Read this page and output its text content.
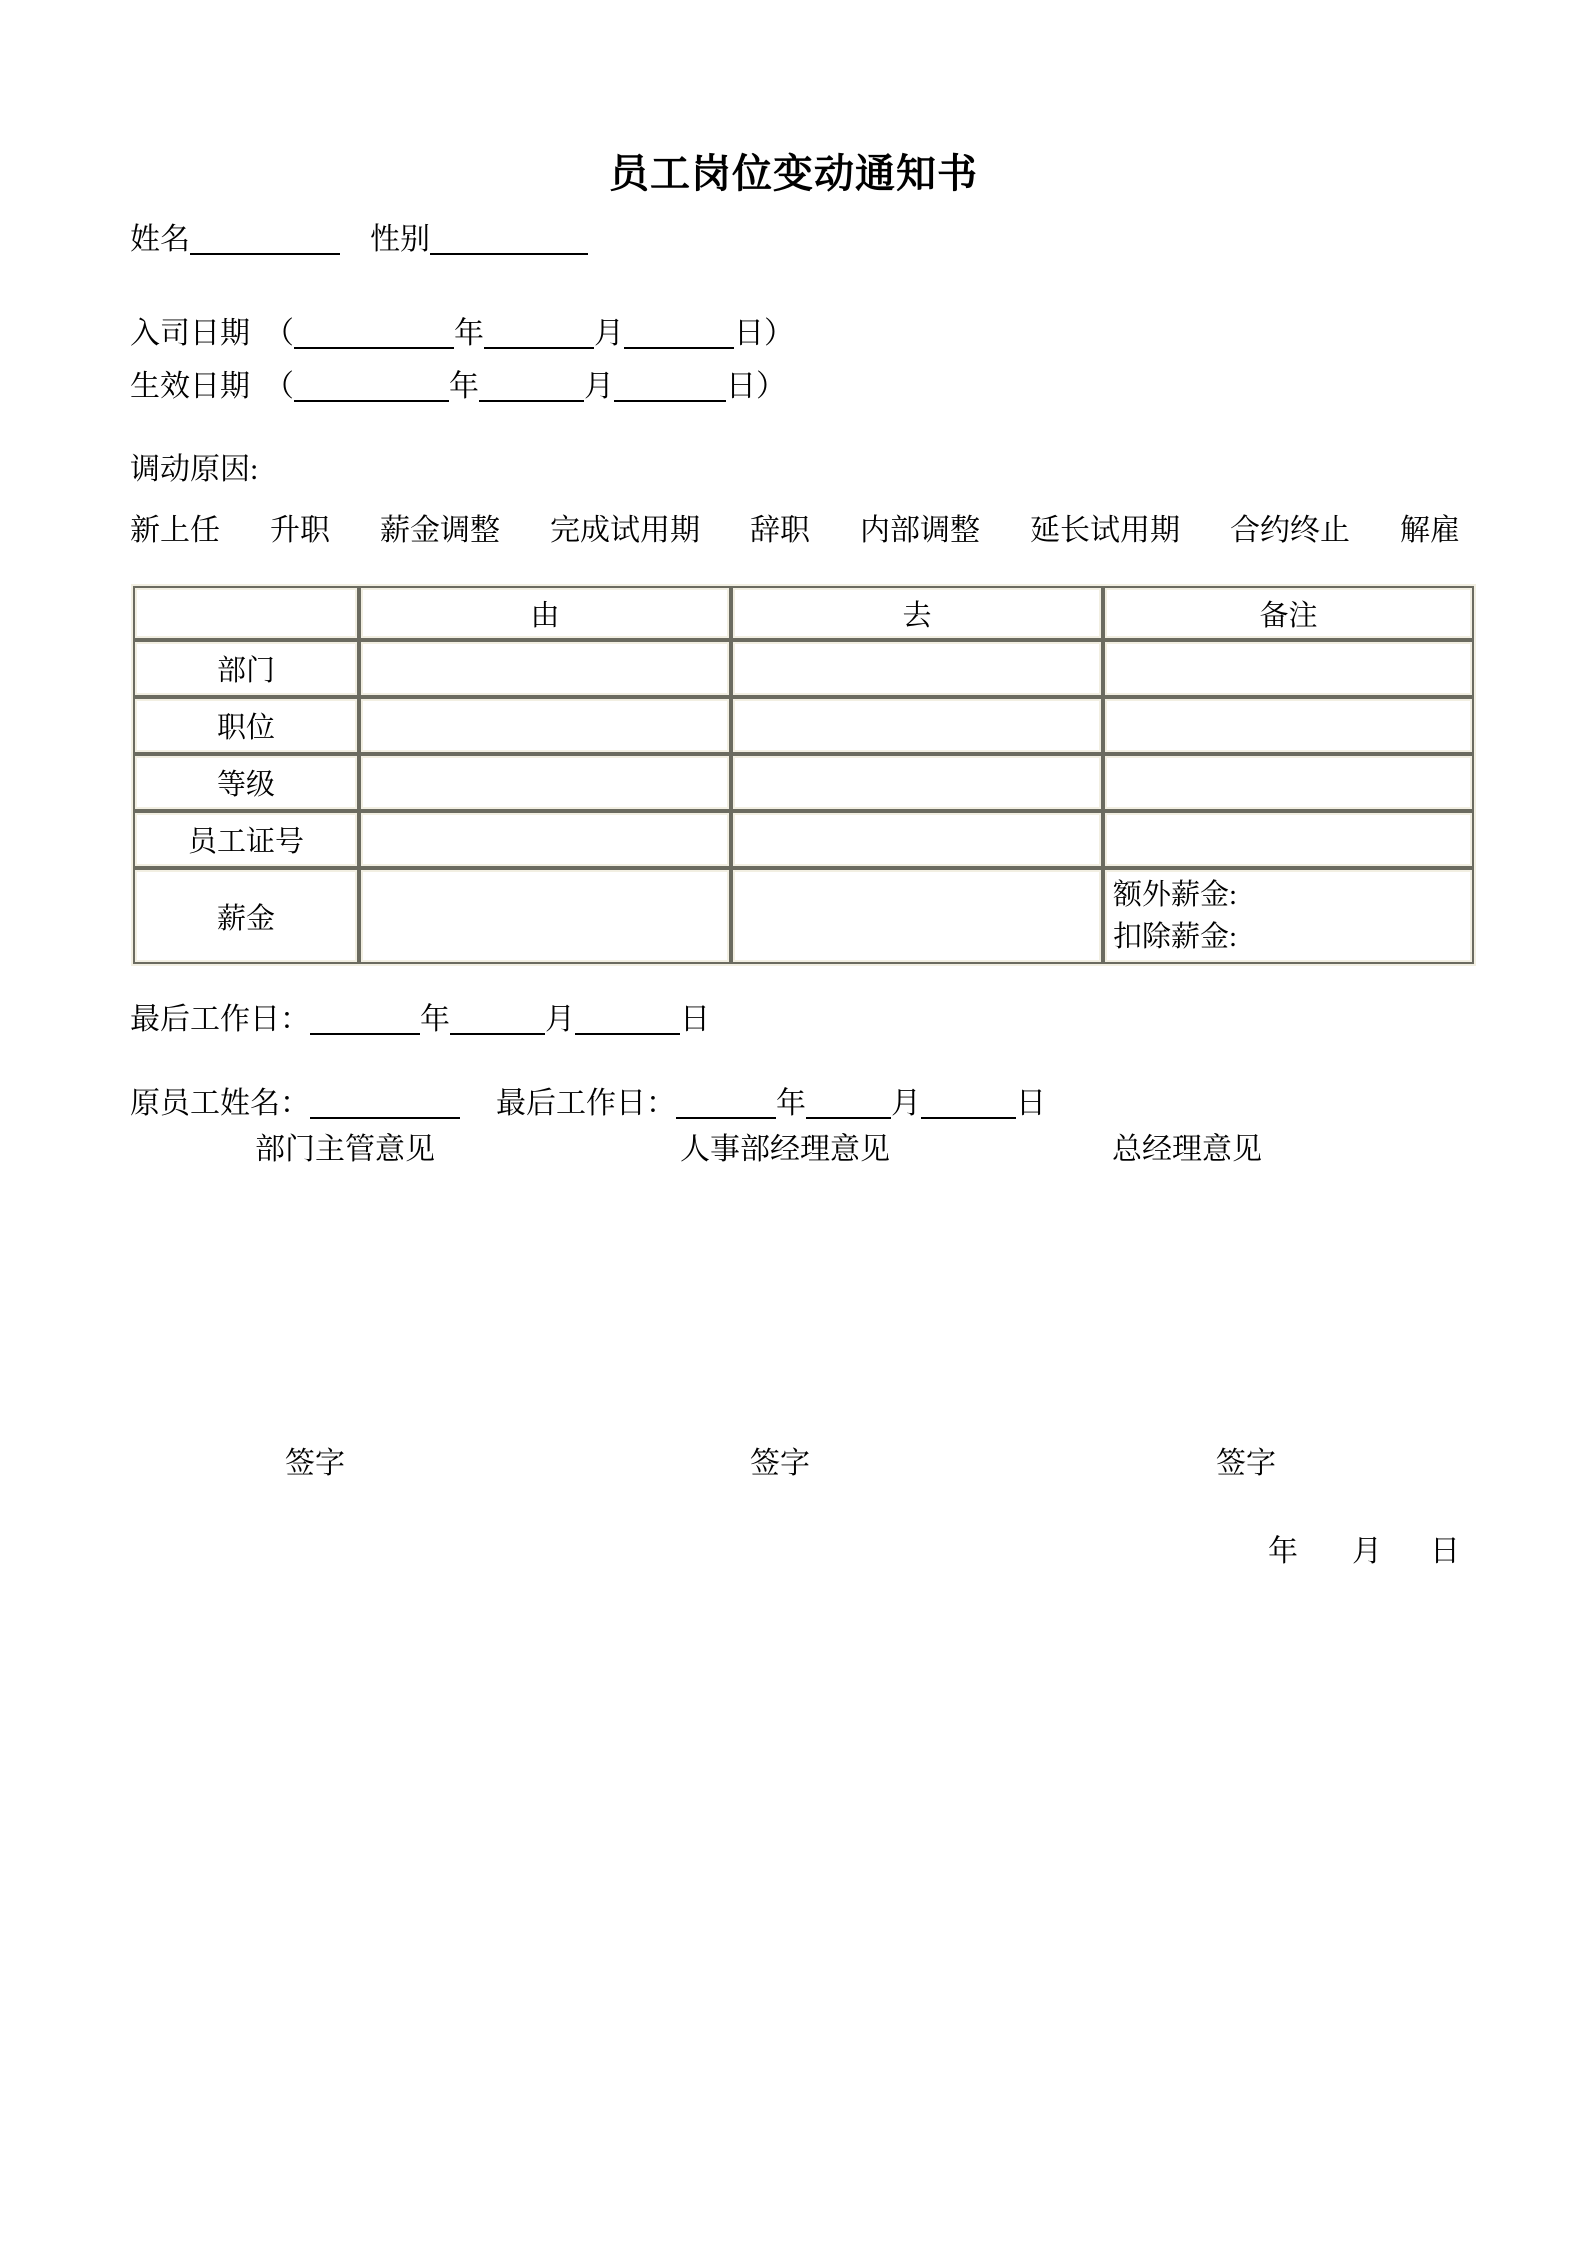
员工岗位变动通知书
姓名	性别
入司日期 （	年	月	日）
生效日期 （	年	月	日）
调动原因:
新上任 升职 薪金调整 完成试用期 辞职 内部调整 延长试用期 合约终止 解雇
	由	去	备注
部门			
职位			
等级			
员工证号			
薪金			额外薪金:
扣除薪金:
最后工作日：	年	月	日
原员工姓名：	最后工作日：	年	月	日
部门主管意见	人事部经理意见	总经理意见
签字	签字	签字
年 月 日
